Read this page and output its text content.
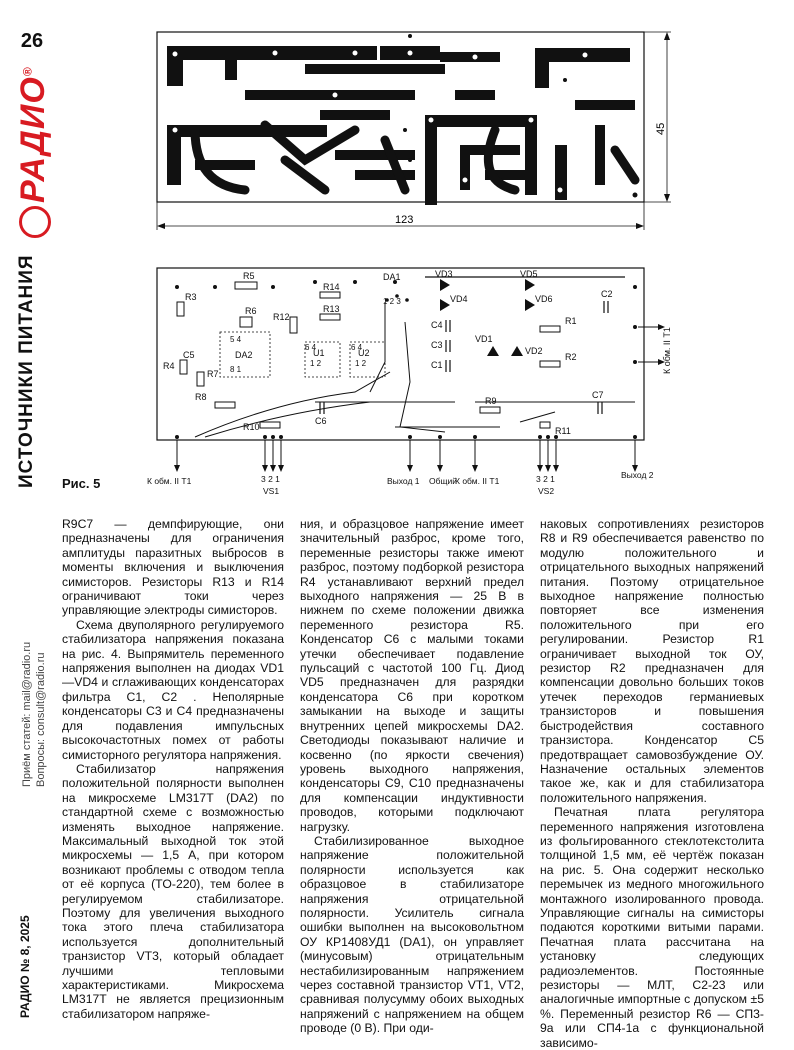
26
РАДИО®
ИСТОЧНИКИ ПИТАНИЯ
Приём статей: mail@radio.ru Вопросы: consult@radio.ru
РАДИО № 8, 2025
123
45
R5
R3
R6
R12
R14
R13
DA1
1 2 3
VD3
VD4
VD5
VD6	C2
C4
C3
C1
R1
R2
VD1
VD2
C5
R4
R7
DA2
5 4
8 1
U1	U2
6 4
1 2
6 4
1 2
R8
R10
C6
R9
C7
R11
К обм. II Т1
К обм. II Т1	3 2 1
VS1
Выход 1 Общий
К обм. II Т1	3 2 1
VS2
Выход 2
Рис. 5

R9C7 — демпфирующие, они предназначены для ограничения амплитуды паразитных выбросов в моменты включения и выключения симисторов. Резисторы R13 и R14 ограничивают токи через управляющие электроды симисторов.

Схема двуполярного регулируемого стабилизатора напряжения показана на рис. 4. Выпрямитель переменного напряжения выполнен на диодах VD1—VD4 и сглаживающих конденсаторах фильтра C1, C2 . Неполярные конденсаторы C3 и C4 предназначены для подавления импульсных высокочастотных помех от работы симисторного регулятора напряжения.

Стабилизатор напряжения положительной полярности выполнен на микросхеме LM317T (DA2) по стандартной схеме с возможностью изменять выходное напряжение. Максимальный выходной ток этой микросхемы — 1,5 А, при котором возникают проблемы с отводом тепла от её корпуса (TO-220), тем более в регулируемом стабилизаторе. Поэтому для увеличения выходного тока этого плеча стабилизатора используется дополнительный транзистор VT3, который обладает лучшими тепловыми характеристиками. Микросхема LM317T не является прецизионным стабилизатором напряже-

ния, и образцовое напряжение имеет значительный разброс, кроме того, переменные резисторы также имеют разброс, поэтому подборкой резистора R4 устанавливают верхний предел выходного напряжения — 25 В в нижнем по схеме положении движка переменного резистора R5. Конденсатор C6 с малыми токами утечки обеспечивает подавление пульсаций с частотой 100 Гц. Диод VD5 предназначен для разрядки конденсатора C6 при коротком замыкании на выходе и защиты внутренних цепей микросхемы DA2. Светодиоды показывают наличие и косвенно (по яркости свечения) уровень выходного напряжения, конденсаторы C9, C10 предназначены для компенсации индуктивности проводов, которыми подключают нагрузку.

Стабилизированное выходное напряжение положительной полярности используется как образцовое в стабилизаторе напряжения отрицательной полярности. Усилитель сигнала ошибки выполнен на высоковольтном ОУ КР1408УД1 (DA1), он управляет (минусовым) отрицательным нестабилизированным напряжением через составной транзистор VT1, VT2, сравнивая полусумму обоих выходных напряжений с напряжением на общем проводе (0 В). При оди-

наковых сопротивлениях резисторов R8 и R9 обеспечивается равенство по модулю положительного и отрицательного выходных напряжений питания. Поэтому отрицательное выходное напряжение полностью повторяет все изменения положительного при его регулировании. Резистор R1 ограничивает выходной ток ОУ, резистор R2 предназначен для компенсации довольно больших токов утечек переходов германиевых транзисторов и повышения быстродействия составного транзистора. Конденсатор C5 предотвращает самовозбуждение ОУ. Назначение остальных элементов такое же, как и для стабилизатора положительного напряжения.

Печатная плата регулятора переменного напряжения изготовлена из фольгированного стеклотекстолита толщиной 1,5 мм, её чертёж показан на рис. 5. Она содержит несколько перемычек из медного многожильного монтажного изолированного провода. Управляющие сигналы на симисторы подаются короткими витыми парами. Печатная плата рассчитана на установку следующих радиоэлементов. Постоянные резисторы — МЛТ, С2-23 или аналогичные импортные с допуском ±5 %. Переменный резистор R6 — СП3-9а или СП4-1а с функциональной зависимо-
